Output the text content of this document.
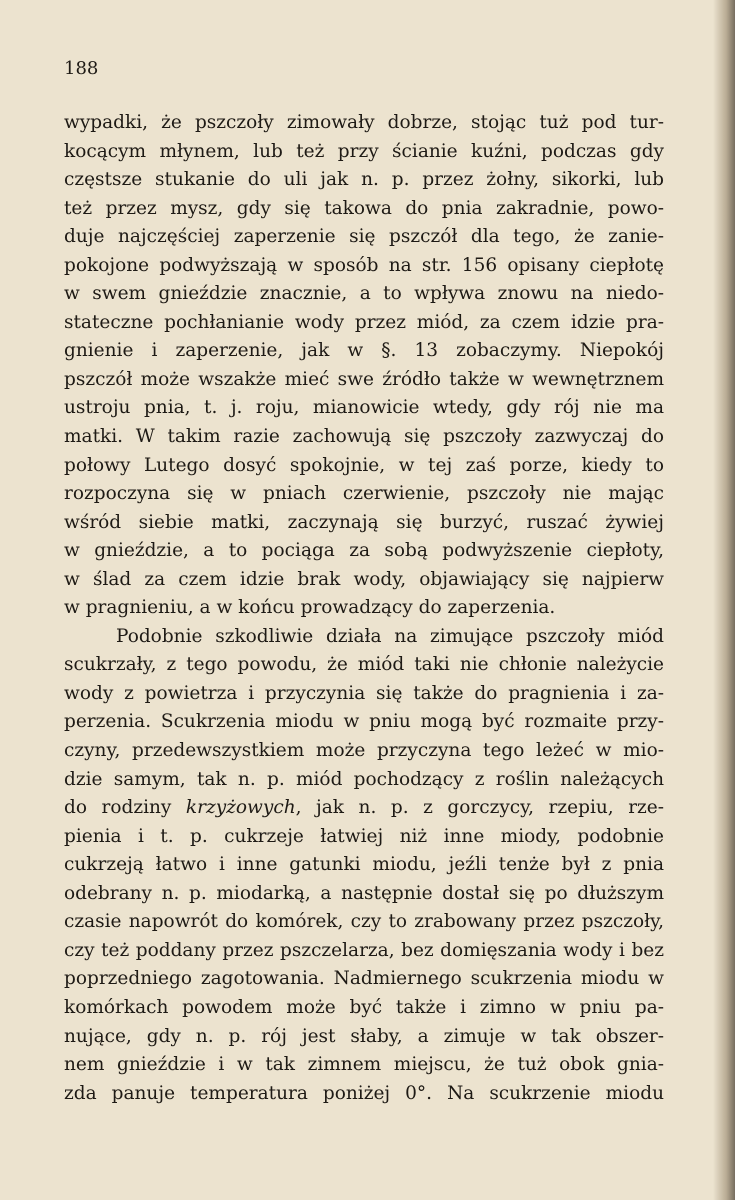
188
wypadki, że pszczoły zimowały dobrze, stojąc tuż pod tur-
kocącym młynem, lub też przy ścianie kuźni, podczas gdy
częstsze stukanie do uli jak n. p. przez żołny, sikorki, lub
też przez mysz, gdy się takowa do pnia zakradnie, powo-
duje najczęściej zaperzenie się pszczół dla tego, że zanie-
pokojone podwyższają w sposób na str. 156 opisany ciepłotę
w swem gnieździe znacznie, a to wpływa znowu na niedo-
stateczne pochłanianie wody przez miód, za czem idzie pra-
gnienie i zaperzenie, jak w §. 13 zobaczymy. Niepokój
pszczół może wszakże mieć swe źródło także w wewnętrznem
ustroju pnia, t. j. roju, mianowicie wtedy, gdy rój nie ma
matki. W takim razie zachowują się pszczoły zazwyczaj do
połowy Lutego dosyć spokojnie, w tej zaś porze, kiedy to
rozpoczyna się w pniach czerwienie, pszczoły nie mając
wśród siebie matki, zaczynają się burzyć, ruszać żywiej
w gnieździe, a to pociąga za sobą podwyższenie ciepłoty,
w ślad za czem idzie brak wody, objawiający się najpierw
w pragnieniu, a w końcu prowadzący do zaperzenia.
Podobnie szkodliwie działa na zimujące pszczoły miód
scukrzały, z tego powodu, że miód taki nie chłonie należycie
wody z powietrza i przyczynia się także do pragnienia i za-
perzenia. Scukrzenia miodu w pniu mogą być rozmaite przy-
czyny, przedewszystkiem może przyczyna tego leżeć w mio-
dzie samym, tak n. p. miód pochodzący z roślin należących
do rodziny krzyżowych, jak n. p. z gorczycy, rzepiu, rze-
pienia i t. p. cukrzeje łatwiej niż inne miody, podobnie
cukrzeją łatwo i inne gatunki miodu, jeźli tenże był z pnia
odebrany n. p. miodarką, a następnie dostał się po dłuższym
czasie napowrót do komórek, czy to zrabowany przez pszczoły,
czy też poddany przez pszczelarza, bez domięszania wody i bez
poprzedniego zagotowania. Nadmiernego scukrzenia miodu w
komórkach powodem może być także i zimno w pniu pa-
nujące, gdy n. p. rój jest słaby, a zimuje w tak obszer-
nem gnieździe i w tak zimnem miejscu, że tuż obok gnia-
zda panuje temperatura poniżej 0°. Na scukrzenie miodu
